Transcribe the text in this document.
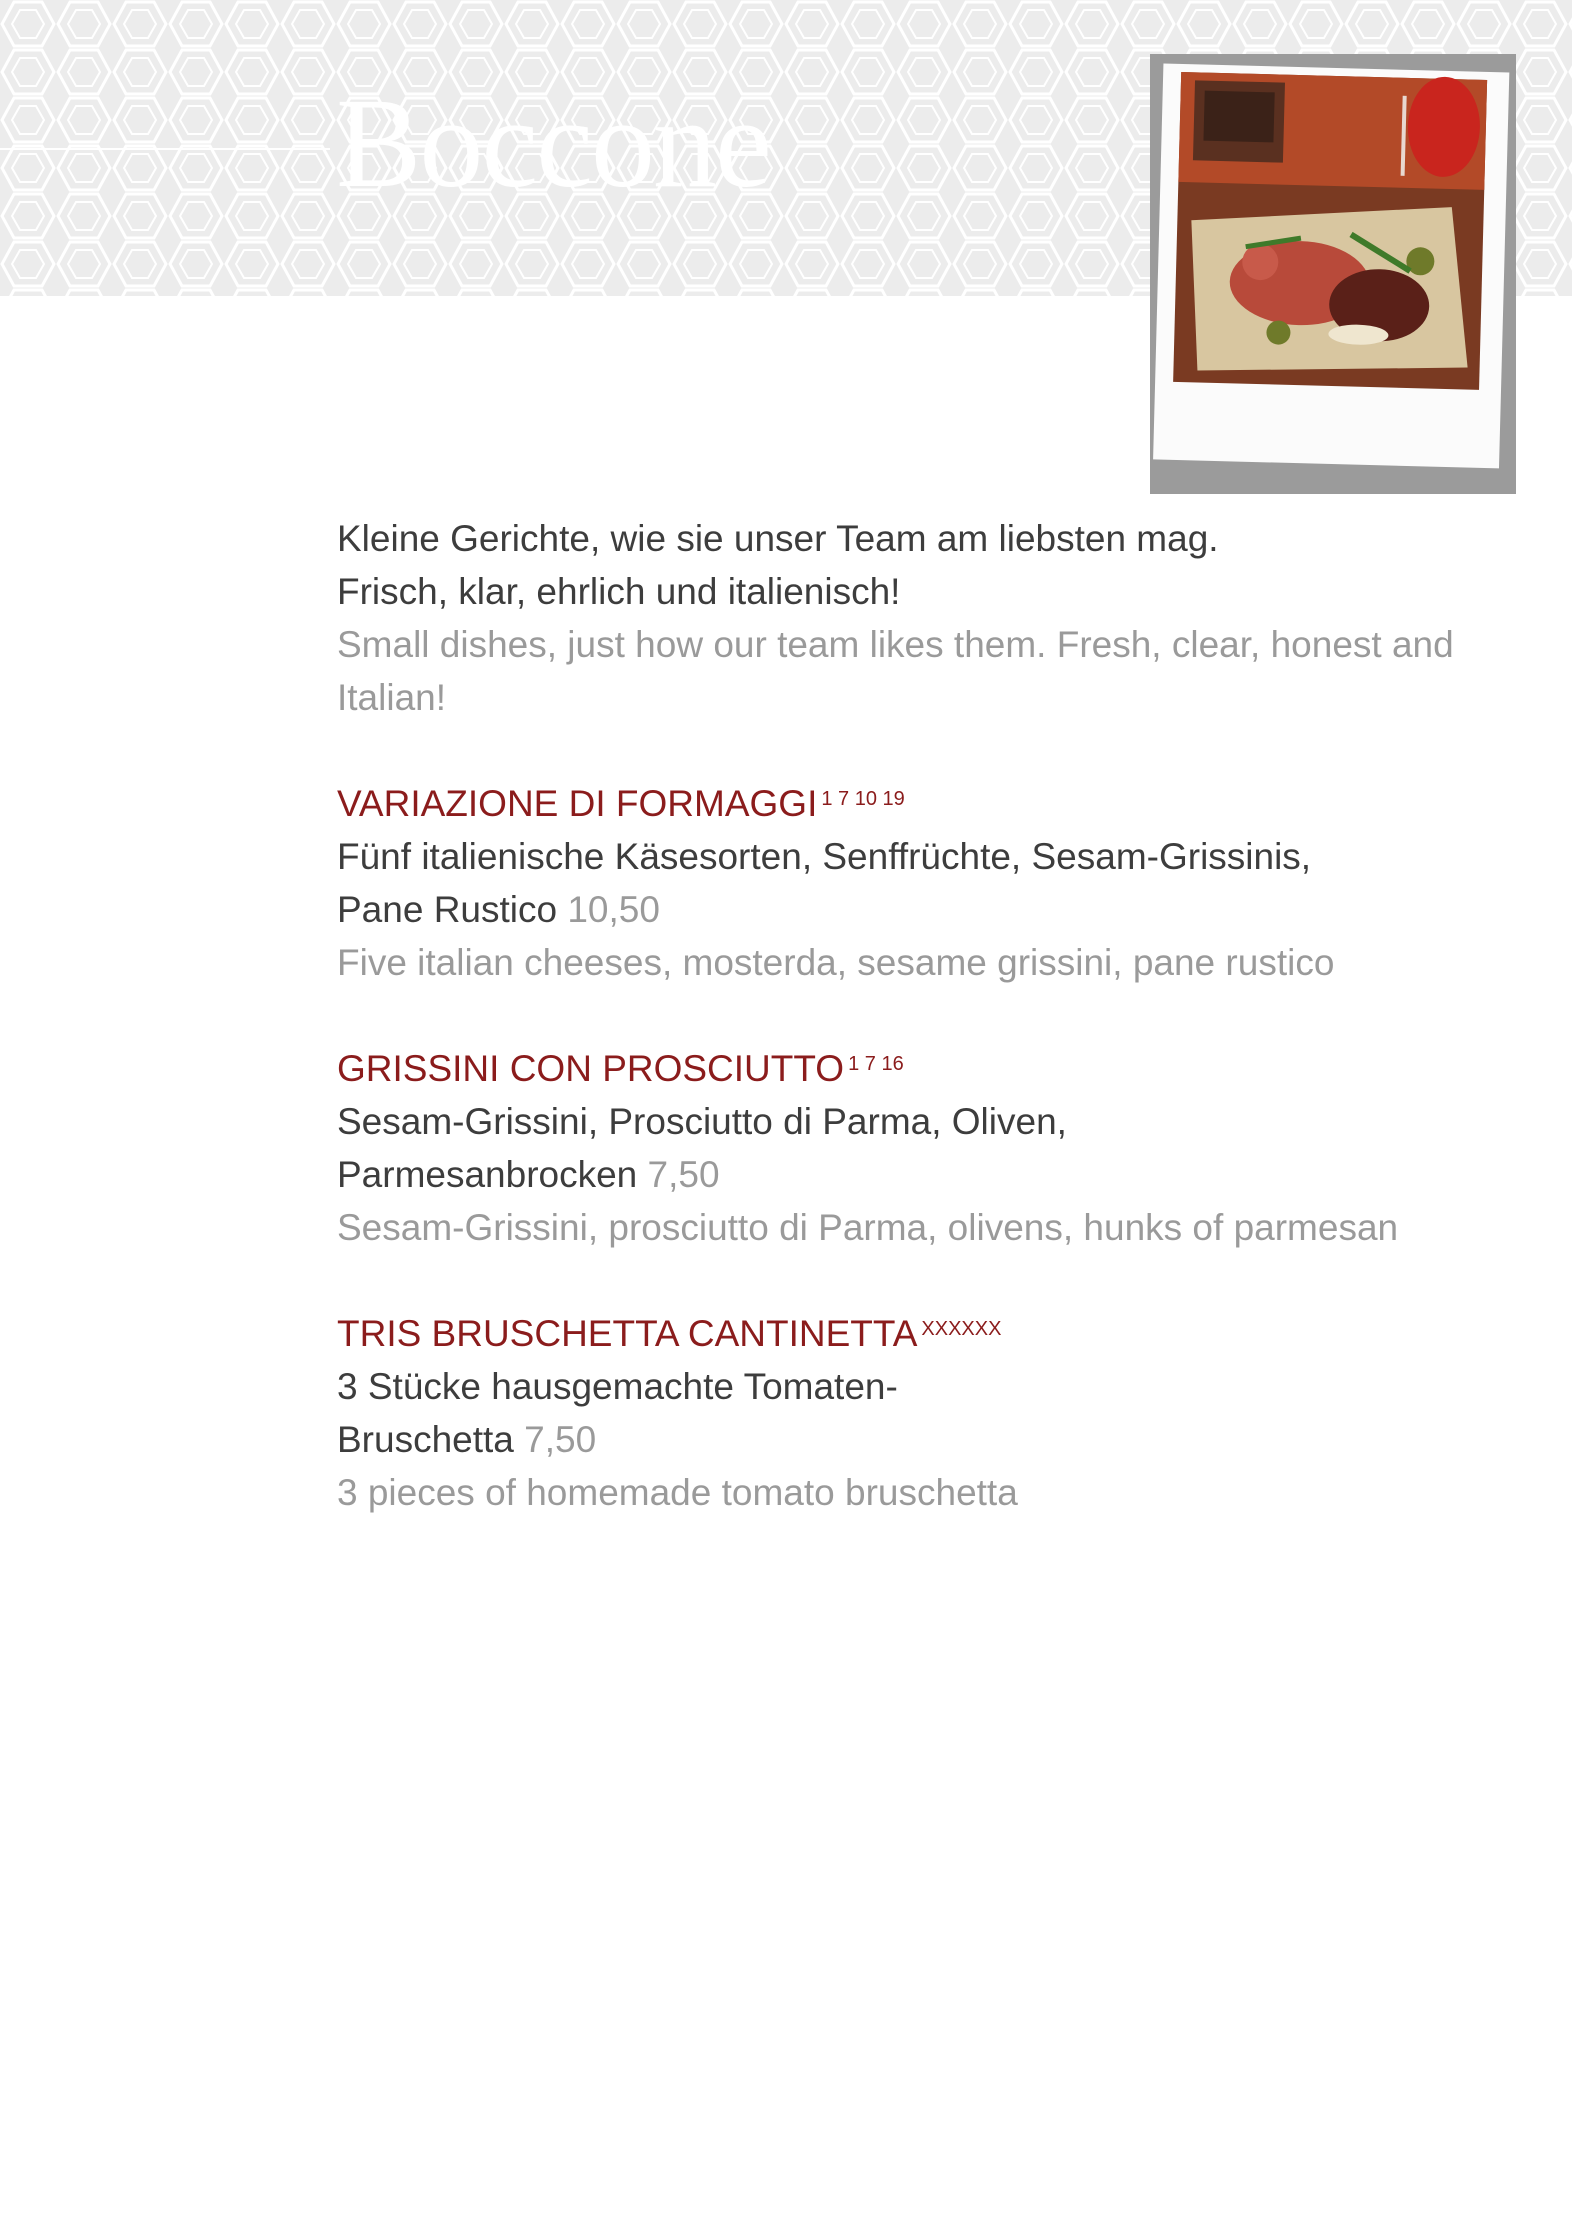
Boccone
Kleine Gerichte, wie sie unser Team am liebsten mag.
Frisch, klar, ehrlich und italienisch!
Small dishes, just how our team likes them. Fresh, clear, honest and Italian!
VARIAZIONE DI FORMAGGI $^{1 7 10 19}$
Fünf italienische Käsesorten, Senffrüchte, Sesam-Grissinis,
Pane Rustico 10,50
Five italian cheeses, mosterda, sesame grissini, pane rustico
GRISSINI CON PROSCIUTTO $^{1 7 16}$
Sesam-Grissini, Prosciutto di Parma, Oliven,
Parmesanbrocken 7,50
Sesam-Grissini, prosciutto di Parma, olivens, hunks of parmesan
TRIS BRUSCHETTA CANTINETTA $^{XXXXXX}$
3 Stücke hausgemachte Tomaten-
Bruschetta 7,50
3 pieces of homemade tomato bruschetta
